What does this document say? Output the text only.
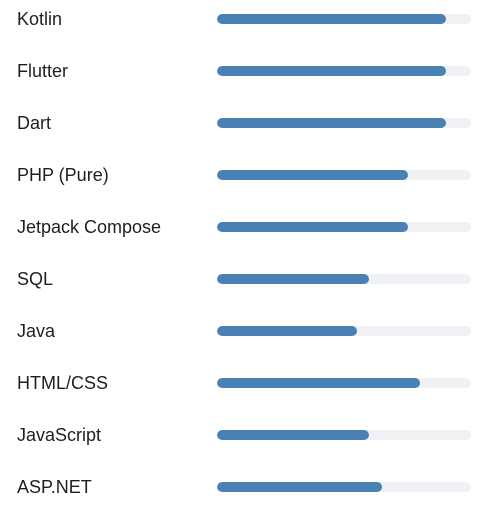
Kotlin
Flutter
Dart
PHP (Pure)
Jetpack Compose
SQL
Java
HTML/CSS
JavaScript
ASP.NET
